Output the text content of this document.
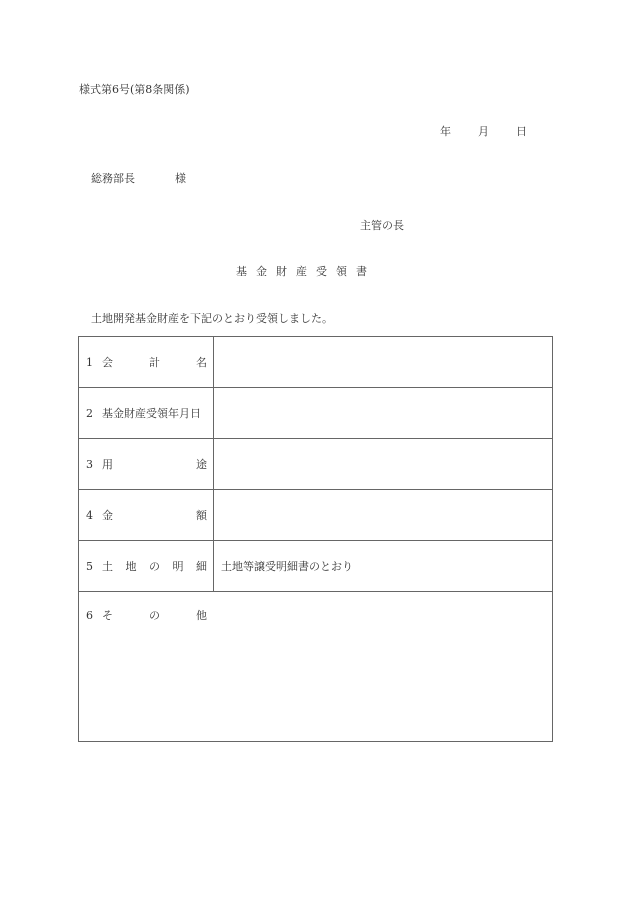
様式第6号(第8条関係)
年 月 日
総務部長	様
主管の長
基金財産受領書
土地開発基金財産を下記のとおり受領しました。
1 会 計 名	

2 基金財産受領年月日	

3 用 途	

4 金 額	

5 土 地 の 明 細	土地等譲受明細書のとおり

6 そ の 他	
